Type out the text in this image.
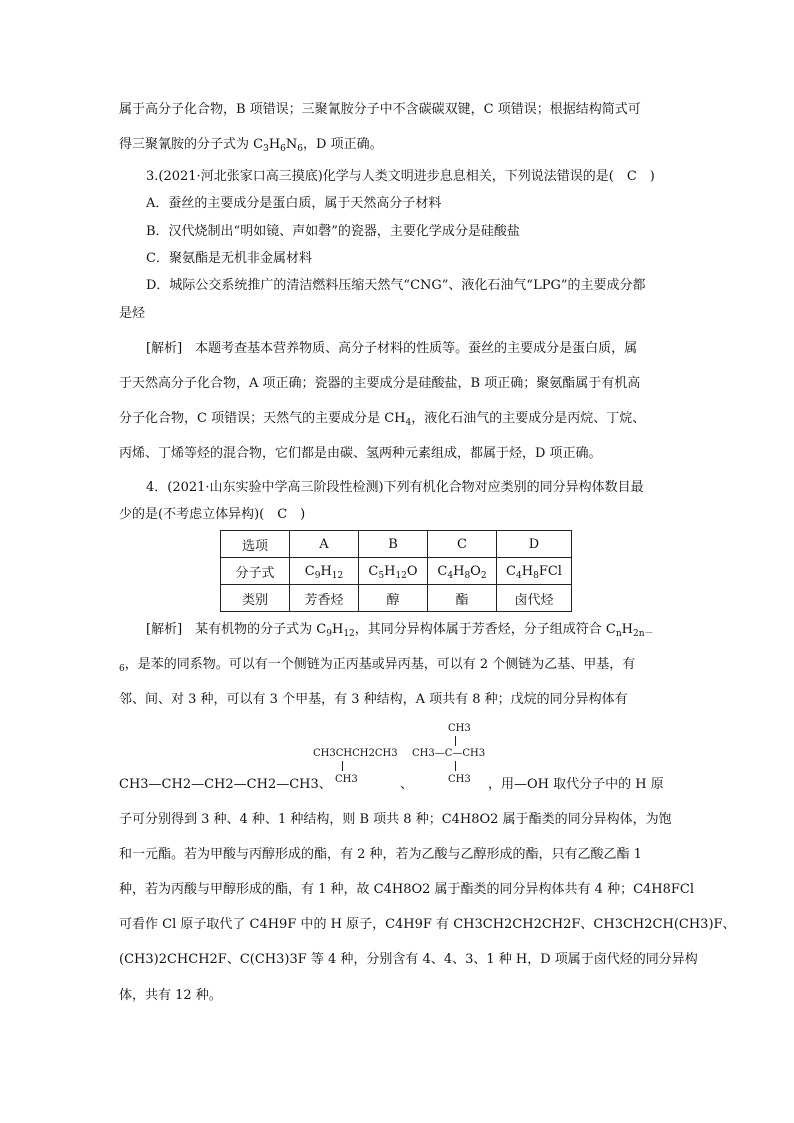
属于高分子化合物，B 项错误；三聚氰胺分子中不含碳碳双键，C 项错误；根据结构简式可
得三聚氰胺的分子式为 $C_3H_6N_6$，D 项正确。
3.(2021·河北张家口高三摸底)化学与人类文明进步息息相关，下列说法错误的是(　C　)
A．蚕丝的主要成分是蛋白质，属于天然高分子材料
B．汉代烧制出“明如镜、声如磬”的瓷器，主要化学成分是硅酸盐
C．聚氨酯是无机非金属材料
D．城际公交系统推广的清洁燃料压缩天然气“CNG”、液化石油气“LPG”的主要成分都
是烃
[解析]　本题考查基本营养物质、高分子材料的性质等。蚕丝的主要成分是蛋白质，属
于天然高分子化合物，A 项正确；瓷器的主要成分是硅酸盐，B 项正确；聚氨酯属于有机高
分子化合物，C 项错误；天然气的主要成分是 $CH_4$，液化石油气的主要成分是丙烷、丁烷、
丙烯、丁烯等烃的混合物，它们都是由碳、氢两种元素组成，都属于烃，D 项正确。
4．(2021·山东实验中学高三阶段性检测)下列有机化合物对应类别的同分异构体数目最
少的是(不考虑立体异构)(　C　)
选项	A	B	C	D
分子式	$C_9H_{12}$	$C_5H_{12}O$	$C_4H_8O_2$	$C_4H_8FCl$
类别	芳香烃	醇	酯	卤代烃
[解析]　某有机物的分子式为 $C_9H_{12}$，其同分异构体属于芳香烃，分子组成符合 $C_nH_{2n-}$
$_6$，是苯的同系物。可以有一个侧链为正丙基或异丙基，可以有 2 个侧链为乙基、甲基，有
邻、间、对 3 种，可以有 3 个甲基，有 3 种结构，A 项共有 8 种；戊烷的同分异构体有
CH3CHCH2CH3
CH3
CH3
CH3—C—CH3
CH3
CH3—CH2—CH2—CH2—CH3、	、	，用—OH 取代分子中的 H 原
子可分别得到 3 种、4 种、1 种结构，则 B 项共 8 种；C4H8O2 属于酯类的同分异构体，为饱
和一元酯。若为甲酸与丙醇形成的酯，有 2 种，若为乙酸与乙醇形成的酯，只有乙酸乙酯 1
种，若为丙酸与甲醇形成的酯，有 1 种，故 C4H8O2 属于酯类的同分异构体共有 4 种；C4H8FCl
可看作 Cl 原子取代了 C4H9F 中的 H 原子，C4H9F 有 CH3CH2CH2CH2F、CH3CH2CH(CH3)F、
(CH3)2CHCH2F、C(CH3)3F 等 4 种，分别含有 4、4、3、1 种 H，D 项属于卤代烃的同分异构
体，共有 12 种。
